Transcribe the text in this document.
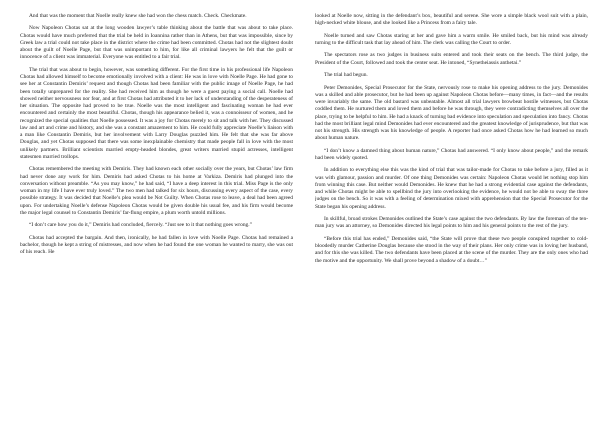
And that was the moment that Noelle really knew she had won the chess match. Check. Checkmate.

Now Napoleon Chotas sat at the long wooden lawyer’s table thinking about the battle that was about to take place. Chotas would have much preferred that the trial be held in Ioannina rather than in Athens, but that was impossible, since by Greek law a trial could not take place in the district where the crime had been committed. Chotas had not the slightest doubt about the guilt of Noelle Page, but that was unimportant to him, for like all criminal lawyers he felt that the guilt or innocence of a client was immaterial. Everyone was entitled to a fair trial.

The trial that was about to begin, however, was something different. For the first time in his professional life Napoleon Chotas had allowed himself to become emotionally involved with a client: He was in love with Noelle Page. He had gone to see her at Constantin Demiris’ request and though Chotas had been familiar with the public image of Noelle Page, he had been totally unprepared for the reality. She had received him as though he were a guest paying a social call. Noelle had showed neither nervousness nor fear, and at first Chotas had attributed it to her lack of understanding of the desperateness of her situation. The opposite had proved to be true. Noelle was the most intelligent and fascinating woman he had ever encountered and certainly the most beautiful. Chotas, though his appearance belied it, was a connoisseur of women, and he recognized the special qualities that Noelle possessed. It was a joy for Chotas merely to sit and talk with her. They discussed law and art and crime and history, and she was a constant amazement to him. He could fully appreciate Noelle’s liaison with a man like Constantin Demiris, but her involvement with Larry Douglas puzzled him. He felt that she was far above Douglas, and yet Chotas supposed that there was some inexplainable chemistry that made people fall in love with the most unlikely partners. Brilliant scientists married empty-headed blondes, great writers married stupid actresses, intelligent statesmen married trollops.

Chotas remembered the meeting with Demiris. They had known each other socially over the years, but Chotas’ law firm had never done any work for him. Demiris had asked Chotas to his home at Varkiza. Demiris had plunged into the conversation without preamble. “As you may know,” he had said, “I have a deep interest in this trial. Miss Page is the only woman in my life I have ever truly loved.” The two men had talked for six hours, discussing every aspect of the case, every possible strategy. It was decided that Noelle’s plea would be Not Guilty. When Chotas rose to leave, a deal had been agreed upon. For undertaking Noelle’s defense Napoleon Chotas would be given double his usual fee, and his firm would become the major legal counsel to Constantin Demiris’ far-flung empire, a plum worth untold millions.

“I don’t care how you do it,” Demiris had concluded, fiercely. “Just see to it that nothing goes wrong.”

Chotas had accepted the bargain. And then, ironically, he had fallen in love with Noelle Page. Chotas had remained a bachelor, though he kept a string of mistresses, and now when he had found the one woman he wanted to marry, she was out of his reach. He

looked at Noelle now, sitting in the defendant’s box, beautiful and serene. She wore a simple black wool suit with a plain, high-necked white blouse, and she looked like a Princess from a fairy tale.

Noelle turned and saw Chotas staring at her and gave him a warm smile. He smiled back, but his mind was already turning to the difficult task that lay ahead of him. The clerk was calling the Court to order.

The spectators rose as two judges in business suits entered and took their seats on the bench. The third judge, the President of the Court, followed and took the center seat. He intoned, “Synetheiassis anthetai.”

The trial had begun.

Peter Demonides, Special Prosecutor for the State, nervously rose to make his opening address to the jury. Demonides was a skilled and able prosecutor, but he had been up against Napoleon Chotas before—many times, in fact—and the results were invariably the same. The old bastard was unbeatable. Almost all trial lawyers browbeat hostile witnesses, but Chotas coddled them. He nurtured them and loved them and before he was through, they were contradicting themselves all over the place, trying to be helpful to him. He had a knack of turning bad evidence into speculation and speculation into fancy. Chotas had the most brilliant legal mind Demonides had ever encountered and the greatest knowledge of jurisprudence, but that was not his strength. His strength was his knowledge of people. A reporter had once asked Chotas how he had learned so much about human nature.

“I don’t know a damned thing about human nature,” Chotas had answered. “I only know about people,” and the remark had been widely quoted.

In addition to everything else this was the kind of trial that was tailor-made for Chotas to take before a jury, filled as it was with glamour, passion and murder. Of one thing Demonides was certain: Napoleon Chotas would let nothing stop him from winning this case. But neither would Demonides. He knew that he had a strong evidential case against the defendants, and while Chotas might be able to spellbind the jury into overlooking the evidence, he would not be able to sway the three judges on the bench. So it was with a feeling of determination mixed with apprehension that the Special Prosecutor for the State began his opening address.

In skillful, broad strokes Demonides outlined the State’s case against the two defendants. By law the foreman of the ten-man jury was an attorney, so Demonides directed his legal points to him and his general points to the rest of the jury.

“Before this trial has ended,” Demonides said, “the State will prove that these two people conspired together to cold-bloodedly murder Catherine Douglas because she stood in the way of their plans. Her only crime was in loving her husband, and for this she was killed. The two defendants have been placed at the scene of the murder. They are the only ones who had the motive and the opportunity. We shall prove beyond a shadow of a doubt…”
